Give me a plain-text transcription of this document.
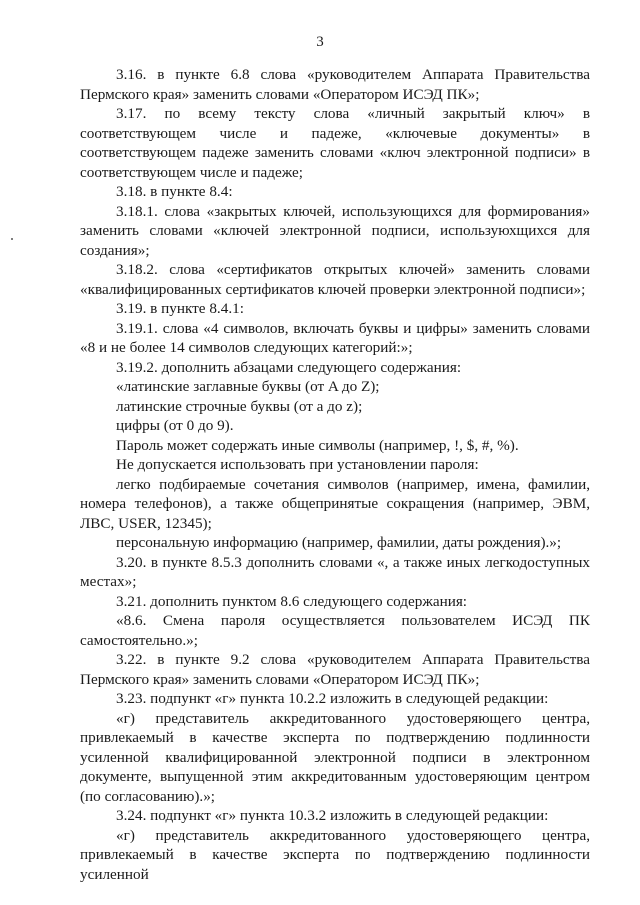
3

3.16. в пункте 6.8 слова «руководителем Аппарата Правительства Пермского края» заменить словами «Оператором ИСЭД ПК»;

3.17. по всему тексту слова «личный закрытый ключ» в соответствующем числе и падеже, «ключевые документы» в соответствующем падеже заменить словами «ключ электронной подписи» в соответствующем числе и падеже;

3.18. в пункте 8.4:

3.18.1. слова «закрытых ключей, использующихся для формирования» заменить словами «ключей электронной подписи, используюхщихся для создания»;

3.18.2. слова «сертификатов открытых ключей» заменить словами «квалифицированных сертификатов ключей проверки электронной подписи»;

3.19. в пункте 8.4.1:

3.19.1. слова «4 символов, включать буквы и цифры» заменить словами «8 и не более 14 символов следующих категорий:»;

3.19.2. дополнить абзацами следующего содержания:

«латинские заглавные буквы (от A до Z);

латинские строчные буквы (от a до z);

цифры (от 0 до 9).

Пароль может содержать иные символы (например, !, $, #, %).

Не допускается использовать при установлении пароля:

легко подбираемые сочетания символов (например, имена, фамилии, номера телефонов), а также общепринятые сокращения (например, ЭВМ, ЛВС, USER, 12345);

персональную информацию (например, фамилии, даты рождения).»;

3.20. в пункте 8.5.3 дополнить словами «, а также иных легкодоступных местах»;

3.21. дополнить пунктом 8.6 следующего содержания:

«8.6. Смена пароля осуществляется пользователем ИСЭД ПК самостоятельно.»;

3.22. в пункте 9.2 слова «руководителем Аппарата Правительства Пермского края» заменить словами «Оператором ИСЭД ПК»;

3.23. подпункт «г» пункта 10.2.2 изложить в следующей редакции:

«г) представитель аккредитованного удостоверяющего центра, привлекаемый в качестве эксперта по подтверждению подлинности усиленной квалифицированной электронной подписи в электронном документе, выпущенной этим аккредитованным удостоверяющим центром (по согласованию).»;

3.24. подпункт «г» пункта 10.3.2 изложить в следующей редакции:

«г) представитель аккредитованного удостоверяющего центра, привлекаемый в качестве эксперта по подтверждению подлинности усиленной
